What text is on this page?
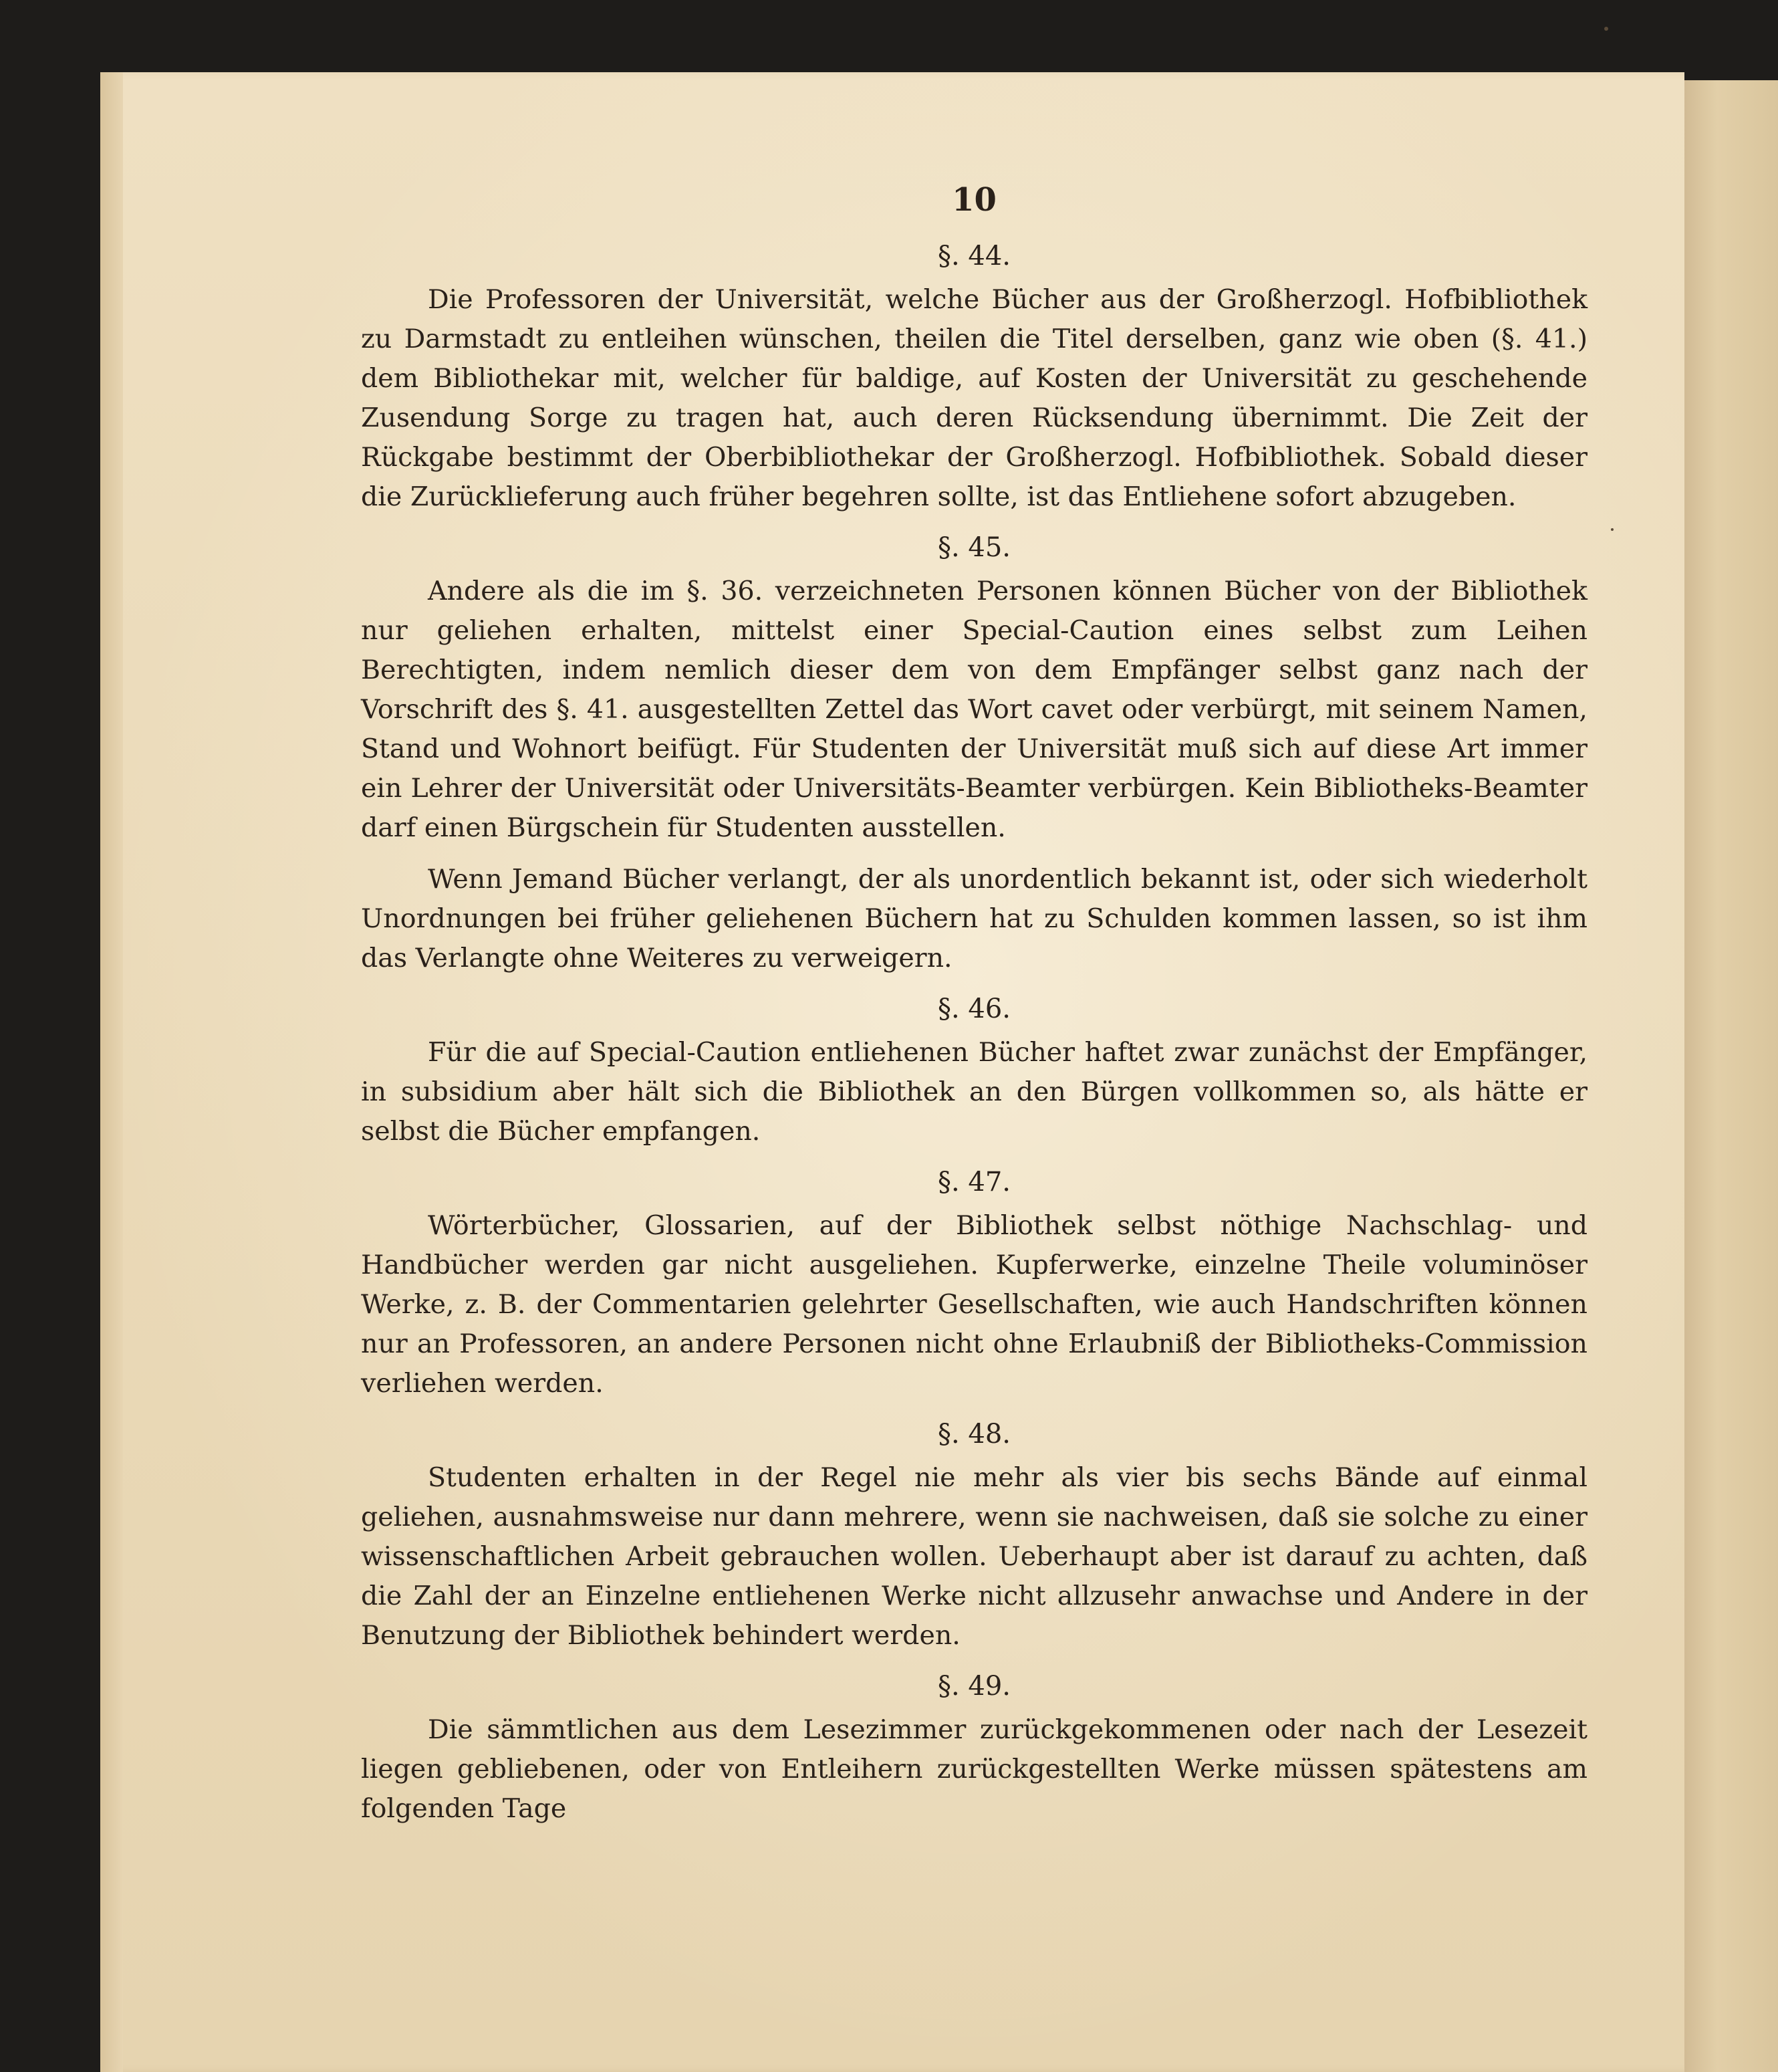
10
§. 44.

Die Professoren der Universität, welche Bücher aus der Großherzogl. Hofbibliothek zu Darmstadt zu entleihen wünschen, theilen die Titel derselben, ganz wie oben (§. 41.) dem Bibliothekar mit, welcher für baldige, auf Kosten der Universität zu geschehende Zusendung Sorge zu tragen hat, auch deren Rücksendung übernimmt. Die Zeit der Rückgabe bestimmt der Oberbibliothekar der Großherzogl. Hofbibliothek. Sobald dieser die Zurücklieferung auch früher begehren sollte, ist das Entliehene sofort abzugeben.

§. 45.

Andere als die im §. 36. verzeichneten Personen können Bücher von der Bibliothek nur geliehen erhalten, mittelst einer Special-Caution eines selbst zum Leihen Berechtigten, indem nemlich dieser dem von dem Empfänger selbst ganz nach der Vorschrift des §. 41. ausgestellten Zettel das Wort cavet oder verbürgt, mit seinem Namen, Stand und Wohnort beifügt. Für Studenten der Universität muß sich auf diese Art immer ein Lehrer der Universität oder Universitäts-Beamter verbürgen. Kein Bibliotheks-Beamter darf einen Bürgschein für Studenten ausstellen.

Wenn Jemand Bücher verlangt, der als unordentlich bekannt ist, oder sich wiederholt Unordnungen bei früher geliehenen Büchern hat zu Schulden kommen lassen, so ist ihm das Verlangte ohne Weiteres zu verweigern.

§. 46.

Für die auf Special-Caution entliehenen Bücher haftet zwar zunächst der Empfänger, in subsidium aber hält sich die Bibliothek an den Bürgen vollkommen so, als hätte er selbst die Bücher empfangen.

§. 47.

Wörterbücher, Glossarien, auf der Bibliothek selbst nöthige Nachschlag- und Handbücher werden gar nicht ausgeliehen. Kupferwerke, einzelne Theile voluminöser Werke, z. B. der Commentarien gelehrter Gesellschaften, wie auch Handschriften können nur an Professoren, an andere Personen nicht ohne Erlaubniß der Bibliotheks-Commission verliehen werden.

§. 48.

Studenten erhalten in der Regel nie mehr als vier bis sechs Bände auf einmal geliehen, ausnahmsweise nur dann mehrere, wenn sie nachweisen, daß sie solche zu einer wissenschaftlichen Arbeit gebrauchen wollen. Ueberhaupt aber ist darauf zu achten, daß die Zahl der an Einzelne entliehenen Werke nicht allzusehr anwachse und Andere in der Benutzung der Bibliothek behindert werden.

§. 49.

Die sämmtlichen aus dem Lesezimmer zurückgekommenen oder nach der Lesezeit liegen gebliebenen, oder von Entleihern zurückgestellten Werke müssen spätestens am folgenden Tage
